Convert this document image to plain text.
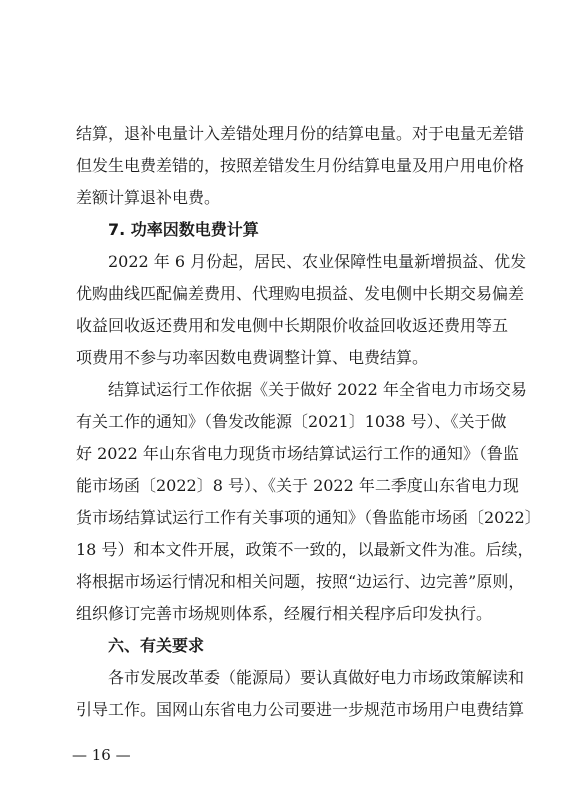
结算，退补电量计入差错处理月份的结算电量。对于电量无差错
但发生电费差错的，按照差错发生月份结算电量及用户用电价格
差额计算退补电费。
7. 功率因数电费计算
2022 年 6 月份起，居民、农业保障性电量新增损益、优发
优购曲线匹配偏差费用、代理购电损益、发电侧中长期交易偏差
收益回收返还费用和发电侧中长期限价收益回收返还费用等五
项费用不参与功率因数电费调整计算、电费结算。
结算试运行工作依据《关于做好 2022 年全省电力市场交易
有关工作的通知》（鲁发改能源〔2021〕1038 号）、《关于做
好 2022 年山东省电力现货市场结算试运行工作的通知》（鲁监
能市场函〔2022〕8 号）、《关于 2022 年二季度山东省电力现
货市场结算试运行工作有关事项的通知》（鲁监能市场函〔2022〕
18 号）和本文件开展，政策不一致的，以最新文件为准。后续，
将根据市场运行情况和相关问题，按照“边运行、边完善”原则，
组织修订完善市场规则体系，经履行相关程序后印发执行。
六、有关要求
各市发展改革委（能源局）要认真做好电力市场政策解读和
引导工作。国网山东省电力公司要进一步规范市场用户电费结算
— 16 —
